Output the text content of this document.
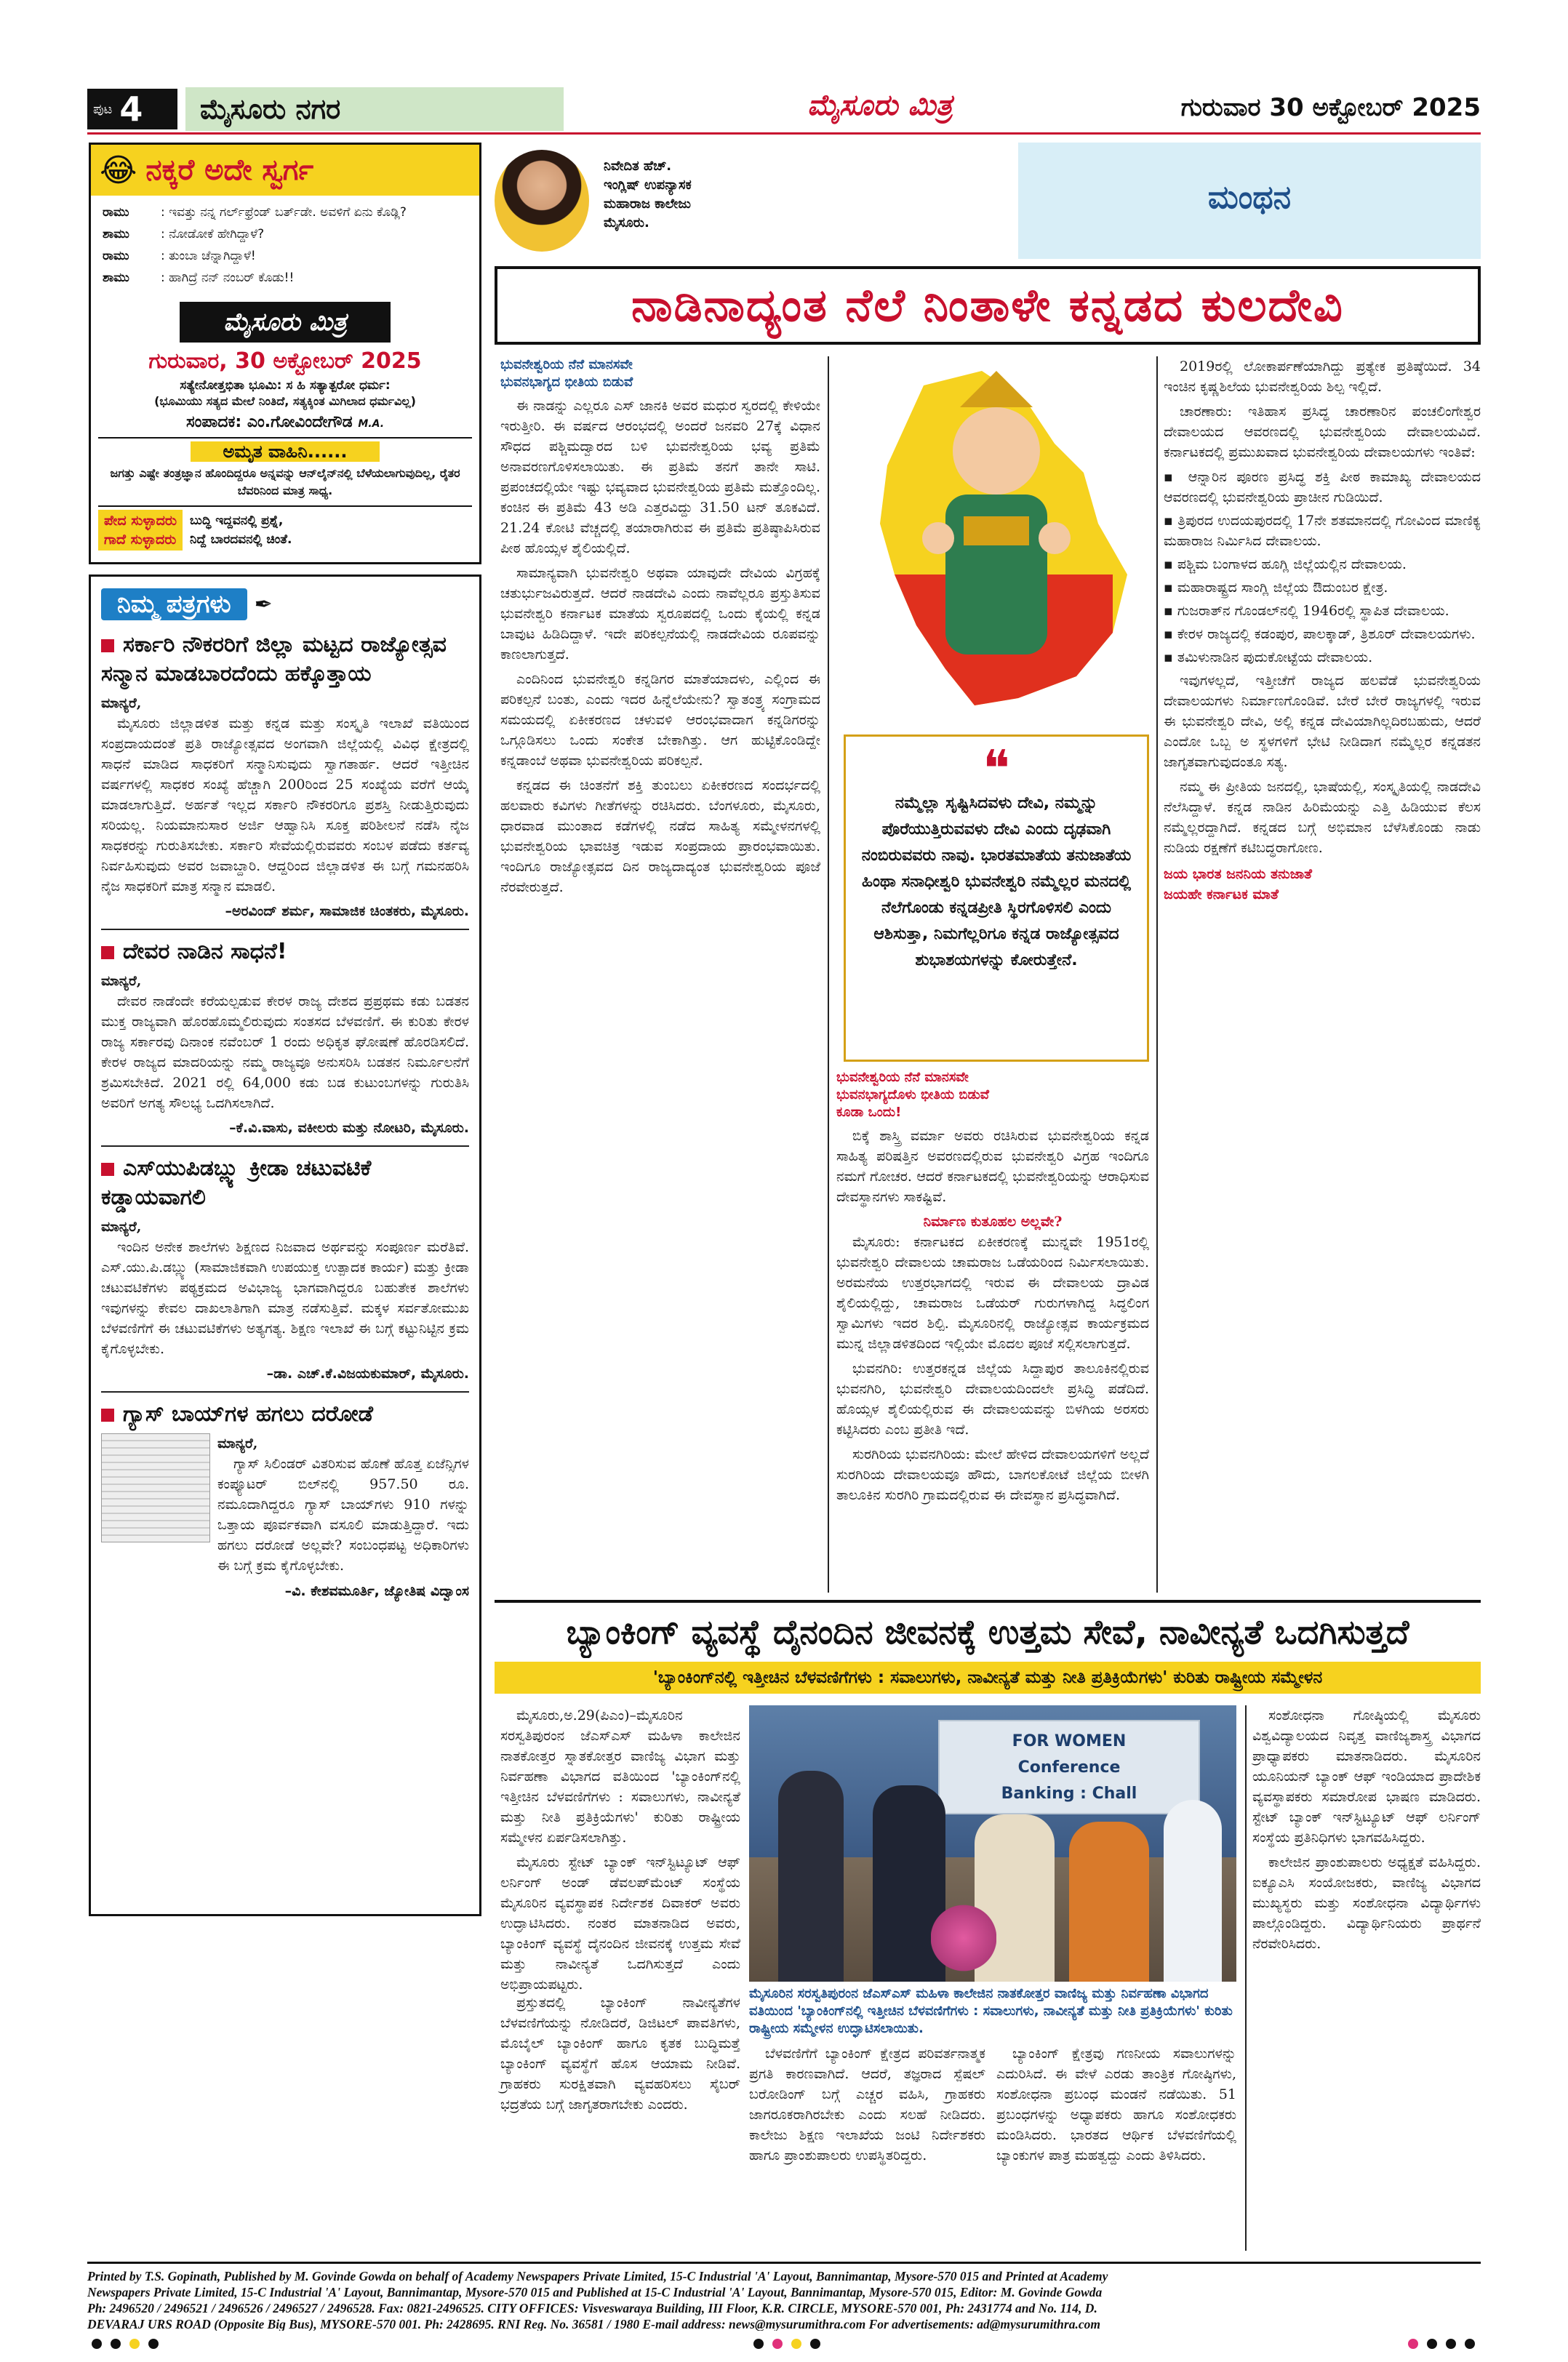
ಪುಟ 4	ಮೈಸೂರು ನಗರ	ಮೈಸೂರು ಮಿತ್ರ	ಗುರುವಾರ 30 ಅಕ್ಟೋಬರ್ 2025
😂 ನಕ್ಕರೆ ಅದೇ ಸ್ವರ್ಗ
ರಾಮು	: ಇವತ್ತು ನನ್ನ ಗರ್ಲ್‌ಫ್ರೆಂಡ್ ಬರ್ತ್‌ಡೇ. ಅವಳಿಗೆ ಏನು ಕೊಡ್ಲಿ?
ಶಾಮು	: ನೋಡೋಕೆ ಹೇಗಿದ್ದಾಳೆ?
ರಾಮು	: ತುಂಬಾ ಚೆನ್ನಾಗಿದ್ದಾಳೆ!
ಶಾಮು	: ಹಾಗಿದ್ರೆ ನನ್ ನಂಬರ್ ಕೊಡು!!
ಮೈಸೂರು ಮಿತ್ರ
ಗುರುವಾರ, 30 ಅಕ್ಟೋಬರ್ 2025
ಸತ್ಯೇನೋತ್ತಭಿತಾ ಭೂಮಿ: ಸ ಹಿ ಸತ್ಯಾತ್ಪರೋ ಧರ್ಮ:
(ಭೂಮಿಯು ಸತ್ಯದ ಮೇಲೆ ನಿಂತಿದೆ, ಸತ್ಯಕ್ಕಿಂತ ಮಿಗಿಲಾದ ಧರ್ಮವಿಲ್ಲ)
ಸಂಪಾದಕ: ಎಂ.ಗೋವಿಂದೇಗೌಡ M.A.
ಅಮೃತ ವಾಹಿನಿ......
ಜಗತ್ತು ಎಷ್ಟೇ ತಂತ್ರಜ್ಞಾನ ಹೊಂದಿದ್ದರೂ ಅನ್ನವನ್ನು ಆನ್‌ಲೈನ್‌ನಲ್ಲಿ ಬೆಳೆಯಲಾಗುವುದಿಲ್ಲ, ರೈತರ ಬೆವರಿನಿಂದ ಮಾತ್ರ ಸಾಧ್ಯ.
ಪೇದ ಸುಳ್ಳಾದರು
ಗಾದೆ ಸುಳ್ಳಾದರು
ಬುದ್ಧಿ ಇದ್ದವನಲ್ಲಿ ಪ್ರಶ್ನೆ,
ನಿದ್ದೆ ಬಾರದವನಲ್ಲಿ ಚಿಂತೆ.
ನಿಮ್ಮ ಪತ್ರಗಳು	✒
ಸರ್ಕಾರಿ ನೌಕರರಿಗೆ ಜಿಲ್ಲಾ ಮಟ್ಟದ ರಾಜ್ಯೋತ್ಸವ ಸನ್ಮಾನ ಮಾಡಬಾರದೆಂದು ಹಕ್ಕೊತ್ತಾಯ
ಮಾನ್ಯರೆ,

ಮೈಸೂರು ಜಿಲ್ಲಾಡಳಿತ ಮತ್ತು ಕನ್ನಡ ಮತ್ತು ಸಂಸ್ಕೃತಿ ಇಲಾಖೆ ವತಿಯಿಂದ ಸಂಪ್ರದಾಯದಂತೆ ಪ್ರತಿ ರಾಜ್ಯೋತ್ಸವದ ಅಂಗವಾಗಿ ಜಿಲ್ಲೆಯಲ್ಲಿ ವಿವಿಧ ಕ್ಷೇತ್ರದಲ್ಲಿ ಸಾಧನೆ ಮಾಡಿದ ಸಾಧಕರಿಗೆ ಸನ್ಮಾನಿಸುವುದು ಸ್ವಾಗತಾರ್ಹ. ಆದರೆ ಇತ್ತೀಚಿನ ವರ್ಷಗಳಲ್ಲಿ ಸಾಧಕರ ಸಂಖ್ಯೆ ಹೆಚ್ಚಾಗಿ 200ರಿಂದ 25 ಸಂಖ್ಯೆಯ ವರೆಗೆ ಆಯ್ಕೆ ಮಾಡಲಾಗುತ್ತಿದೆ. ಅರ್ಹತೆ ಇಲ್ಲದ ಸರ್ಕಾರಿ ನೌಕರರಿಗೂ ಪ್ರಶಸ್ತಿ ನೀಡುತ್ತಿರುವುದು ಸರಿಯಲ್ಲ. ನಿಯಮಾನುಸಾರ ಅರ್ಜಿ ಆಹ್ವಾನಿಸಿ ಸೂಕ್ತ ಪರಿಶೀಲನೆ ನಡೆಸಿ ನೈಜ ಸಾಧಕರನ್ನು ಗುರುತಿಸಬೇಕು. ಸರ್ಕಾರಿ ಸೇವೆಯಲ್ಲಿರುವವರು ಸಂಬಳ ಪಡೆದು ಕರ್ತವ್ಯ ನಿರ್ವಹಿಸುವುದು ಅವರ ಜವಾಬ್ದಾರಿ. ಆದ್ದರಿಂದ ಜಿಲ್ಲಾಡಳಿತ ಈ ಬಗ್ಗೆ ಗಮನಹರಿಸಿ ನೈಜ ಸಾಧಕರಿಗೆ ಮಾತ್ರ ಸನ್ಮಾನ ಮಾಡಲಿ.

–ಅರವಿಂದ್ ಶರ್ಮ, ಸಾಮಾಜಿಕ ಚಿಂತಕರು, ಮೈಸೂರು.
ದೇವರ ನಾಡಿನ ಸಾಧನೆ!
ಮಾನ್ಯರೆ,

ದೇವರ ನಾಡೆಂದೇ ಕರೆಯಲ್ಪಡುವ ಕೇರಳ ರಾಜ್ಯ ದೇಶದ ಪ್ರಪ್ರಥಮ ಕಡು ಬಡತನ ಮುಕ್ತ ರಾಜ್ಯವಾಗಿ ಹೊರಹೊಮ್ಮಲಿರುವುದು ಸಂತಸದ ಬೆಳವಣಿಗೆ. ಈ ಕುರಿತು ಕೇರಳ ರಾಜ್ಯ ಸರ್ಕಾರವು ದಿನಾಂಕ ನವೆಂಬರ್ 1 ರಂದು ಅಧಿಕೃತ ಘೋಷಣೆ ಹೊರಡಿಸಲಿದೆ. ಕೇರಳ ರಾಜ್ಯದ ಮಾದರಿಯನ್ನು ನಮ್ಮ ರಾಜ್ಯವೂ ಅನುಸರಿಸಿ ಬಡತನ ನಿರ್ಮೂಲನೆಗೆ ಶ್ರಮಿಸಬೇಕಿದೆ. 2021 ರಲ್ಲಿ 64,000 ಕಡು ಬಡ ಕುಟುಂಬಗಳನ್ನು ಗುರುತಿಸಿ ಅವರಿಗೆ ಅಗತ್ಯ ಸೌಲಭ್ಯ ಒದಗಿಸಲಾಗಿದೆ.

–ಕೆ.ವಿ.ವಾಸು, ವಕೀಲರು ಮತ್ತು ನೋಟರಿ, ಮೈಸೂರು.
ಎಸ್‌ಯುಪಿಡಬ್ಲ್ಯು ಕ್ರೀಡಾ ಚಟುವಟಿಕೆ ಕಡ್ಡಾಯವಾಗಲಿ
ಮಾನ್ಯರೆ,

ಇಂದಿನ ಅನೇಕ ಶಾಲೆಗಳು ಶಿಕ್ಷಣದ ನಿಜವಾದ ಅರ್ಥವನ್ನು ಸಂಪೂರ್ಣ ಮರೆತಿವೆ. ಎಸ್.ಯು.ಪಿ.ಡಬ್ಲ್ಯು (ಸಾಮಾಜಿಕವಾಗಿ ಉಪಯುಕ್ತ ಉತ್ಪಾದಕ ಕಾರ್ಯ) ಮತ್ತು ಕ್ರೀಡಾ ಚಟುವಟಿಕೆಗಳು ಪಠ್ಯಕ್ರಮದ ಅವಿಭಾಜ್ಯ ಭಾಗವಾಗಿದ್ದರೂ ಬಹುತೇಕ ಶಾಲೆಗಳು ಇವುಗಳನ್ನು ಕೇವಲ ದಾಖಲಾತಿಗಾಗಿ ಮಾತ್ರ ನಡೆಸುತ್ತಿವೆ. ಮಕ್ಕಳ ಸರ್ವತೋಮುಖ ಬೆಳವಣಿಗೆಗೆ ಈ ಚಟುವಟಿಕೆಗಳು ಅತ್ಯಗತ್ಯ. ಶಿಕ್ಷಣ ಇಲಾಖೆ ಈ ಬಗ್ಗೆ ಕಟ್ಟುನಿಟ್ಟಿನ ಕ್ರಮ ಕೈಗೊಳ್ಳಬೇಕು.

–ಡಾ. ಎಚ್.ಕೆ.ವಿಜಯಕುಮಾರ್, ಮೈಸೂರು.
ಗ್ಯಾಸ್ ಬಾಯ್‌ಗಳ ಹಗಲು ದರೋಡೆ
ಮಾನ್ಯರೆ,

ಗ್ಯಾಸ್ ಸಿಲಿಂಡರ್ ವಿತರಿಸುವ ಹೊಣೆ ಹೊತ್ತ ಏಜೆನ್ಸಿಗಳ ಕಂಪ್ಯೂಟರ್ ಬಿಲ್‌ನಲ್ಲಿ 957.50 ರೂ. ನಮೂದಾಗಿದ್ದರೂ ಗ್ಯಾಸ್ ಬಾಯ್‌ಗಳು 910 ಗಳನ್ನು ಒತ್ತಾಯ ಪೂರ್ವಕವಾಗಿ ವಸೂಲಿ ಮಾಡುತ್ತಿದ್ದಾರೆ. ಇದು ಹಗಲು ದರೋಡೆ ಅಲ್ಲವೇ? ಸಂಬಂಧಪಟ್ಟ ಅಧಿಕಾರಿಗಳು ಈ ಬಗ್ಗೆ ಕ್ರಮ ಕೈಗೊಳ್ಳಬೇಕು.

–ವಿ. ಕೇಶವಮೂರ್ತಿ, ಜ್ಯೋತಿಷ ವಿದ್ವಾಂಸ
ನಿವೇದಿತ ಹೆಚ್.
ಇಂಗ್ಲಿಷ್ ಉಪನ್ಯಾಸಕ
ಮಹಾರಾಜ ಕಾಲೇಜು
ಮೈಸೂರು.
ಮಂಥನ
ನಾಡಿನಾದ್ಯಂತ ನೆಲೆ ನಿಂತಾಳೇ ಕನ್ನಡದ ಕುಲದೇವಿ
ಭುವನೇಶ್ವರಿಯ ನೆನೆ ಮಾನಸವೇ
ಭುವನಭಾಗ್ಯದ ಭೀತಿಯ ಬಿಡುವೆ

ಈ ನಾಡನ್ನು ಎಲ್ಲರೂ ಎಸ್ ಜಾನಕಿ ಅವರ ಮಧುರ ಸ್ವರದಲ್ಲಿ ಕೇಳಿಯೇ ಇರುತ್ತೀರಿ. ಈ ವರ್ಷದ ಆರಂಭದಲ್ಲಿ ಅಂದರೆ ಜನವರಿ 27ಕ್ಕೆ ವಿಧಾನ ಸೌಧದ ಪಶ್ಚಿಮದ್ವಾರದ ಬಳಿ ಭುವನೇಶ್ವರಿಯ ಭವ್ಯ ಪ್ರತಿಮೆ ಅನಾವರಣಗೊಳಿಸಲಾಯಿತು. ಈ ಪ್ರತಿಮೆ ತನಗೆ ತಾನೇ ಸಾಟಿ. ಪ್ರಪಂಚದಲ್ಲಿಯೇ ಇಷ್ಟು ಭವ್ಯವಾದ ಭುವನೇಶ್ವರಿಯ ಪ್ರತಿಮೆ ಮತ್ತೊಂದಿಲ್ಲ. ಕಂಚಿನ ಈ ಪ್ರತಿಮೆ 43 ಅಡಿ ಎತ್ತರವಿದ್ದು 31.50 ಟನ್ ತೂಕವಿದೆ. 21.24 ಕೋಟಿ ವೆಚ್ಚದಲ್ಲಿ ತಯಾರಾಗಿರುವ ಈ ಪ್ರತಿಮೆ ಪ್ರತಿಷ್ಠಾಪಿಸಿರುವ ಪೀಠ ಹೊಯ್ಸಳ ಶೈಲಿಯಲ್ಲಿದೆ.

ಸಾಮಾನ್ಯವಾಗಿ ಭುವನೇಶ್ವರಿ ಅಥವಾ ಯಾವುದೇ ದೇವಿಯ ವಿಗ್ರಹಕ್ಕೆ ಚತುರ್ಭುಜವಿರುತ್ತದೆ. ಆದರೆ ನಾಡದೇವಿ ಎಂದು ನಾವೆಲ್ಲರೂ ಪ್ರಸ್ತುತಿಸುವ ಭುವನೇಶ್ವರಿ ಕರ್ನಾಟಕ ಮಾತೆಯ ಸ್ವರೂಪದಲ್ಲಿ ಒಂದು ಕೈಯಲ್ಲಿ ಕನ್ನಡ ಬಾವುಟ ಹಿಡಿದಿದ್ದಾಳೆ. ಇದೇ ಪರಿಕಲ್ಪನೆಯಲ್ಲಿ ನಾಡದೇವಿಯ ರೂಪವನ್ನು ಕಾಣಲಾಗುತ್ತದೆ.

ಎಂದಿನಿಂದ ಭುವನೇಶ್ವರಿ ಕನ್ನಡಿಗರ ಮಾತೆಯಾದಳು, ಎಲ್ಲಿಂದ ಈ ಪರಿಕಲ್ಪನೆ ಬಂತು, ಎಂದು ಇದರ ಹಿನ್ನೆಲೆಯೇನು? ಸ್ವಾತಂತ್ರ್ಯ ಸಂಗ್ರಾಮದ ಸಮಯದಲ್ಲಿ ಏಕೀಕರಣದ ಚಳುವಳಿ ಆರಂಭವಾದಾಗ ಕನ್ನಡಿಗರನ್ನು ಒಗ್ಗೂಡಿಸಲು ಒಂದು ಸಂಕೇತ ಬೇಕಾಗಿತ್ತು. ಆಗ ಹುಟ್ಟಿಕೊಂಡಿದ್ದೇ ಕನ್ನಡಾಂಬೆ ಅಥವಾ ಭುವನೇಶ್ವರಿಯ ಪರಿಕಲ್ಪನೆ.

ಕನ್ನಡದ ಈ ಚಿಂತನೆಗೆ ಶಕ್ತಿ ತುಂಬಲು ಏಕೀಕರಣದ ಸಂದರ್ಭದಲ್ಲಿ ಹಲವಾರು ಕವಿಗಳು ಗೀತೆಗಳನ್ನು ರಚಿಸಿದರು. ಬೆಂಗಳೂರು, ಮೈಸೂರು, ಧಾರವಾಡ ಮುಂತಾದ ಕಡೆಗಳಲ್ಲಿ ನಡೆದ ಸಾಹಿತ್ಯ ಸಮ್ಮೇಳನಗಳಲ್ಲಿ ಭುವನೇಶ್ವರಿಯ ಭಾವಚಿತ್ರ ಇಡುವ ಸಂಪ್ರದಾಯ ಪ್ರಾರಂಭವಾಯಿತು. ಇಂದಿಗೂ ರಾಜ್ಯೋತ್ಸವದ ದಿನ ರಾಜ್ಯದಾದ್ಯಂತ ಭುವನೇಶ್ವರಿಯ ಪೂಜೆ ನೆರವೇರುತ್ತದೆ.

❝
ನಮ್ಮೆಲ್ಲಾ ಸೃಷ್ಟಿಸಿದವಳು ದೇವಿ, ನಮ್ಮನ್ನು ಪೊರೆಯುತ್ತಿರುವವಳು ದೇವಿ ಎಂದು ದೃಢವಾಗಿ ನಂಬಿರುವವರು ನಾವು. ಭಾರತಮಾತೆಯ ತನುಜಾತೆಯ ಹಿಂಥಾ ಸನಾಧೀಶ್ವರಿ ಭುವನೇಶ್ವರಿ ನಮ್ಮೆಲ್ಲರ ಮನದಲ್ಲಿ ನೆಲೆಗೊಂಡು ಕನ್ನಡಪ್ರೀತಿ ಸ್ಥಿರಗೊಳಿಸಲಿ ಎಂದು ಆಶಿಸುತ್ತಾ, ನಿಮಗೆಲ್ಲರಿಗೂ ಕನ್ನಡ ರಾಜ್ಯೋತ್ಸವದ ಶುಭಾಶಯಗಳನ್ನು ಕೋರುತ್ತೇನೆ.
ಭುವನೇಶ್ವರಿಯ ನೆನೆ ಮಾನಸವೇ
ಭುವನಭಾಗ್ಯದೊಳು ಭೀತಿಯ ಬಿಡುವೆ
ಕೂಡಾ ಒಂದು!

ಬಿಕ್ಕೆ ಶಾಸ್ತ್ರಿ ವರ್ಮಾ ಅವರು ರಚಿಸಿರುವ ಭುವನೇಶ್ವರಿಯ ಕನ್ನಡ ಸಾಹಿತ್ಯ ಪರಿಷತ್ತಿನ ಅವರಣದಲ್ಲಿರುವ ಭುವನೇಶ್ವರಿ ವಿಗ್ರಹ ಇಂದಿಗೂ ನಮಗೆ ಗೋಚರ. ಆದರೆ ಕರ್ನಾಟಕದಲ್ಲಿ ಭುವನೇಶ್ವರಿಯನ್ನು ಆರಾಧಿಸುವ ದೇವಸ್ಥಾನಗಳು ಸಾಕಷ್ಟಿವೆ.

ನಿರ್ಮಾಣ ಕುತೂಹಲ ಅಲ್ಲವೇ?

ಮೈಸೂರು: ಕರ್ನಾಟಕದ ಏಕೀಕರಣಕ್ಕೆ ಮುನ್ನವೇ 1951ರಲ್ಲಿ ಭುವನೇಶ್ವರಿ ದೇವಾಲಯ ಚಾಮರಾಜ ಒಡೆಯರಿಂದ ನಿರ್ಮಿಸಲಾಯಿತು. ಅರಮನೆಯ ಉತ್ತರಭಾಗದಲ್ಲಿ ಇರುವ ಈ ದೇವಾಲಯ ದ್ರಾವಿಡ ಶೈಲಿಯಲ್ಲಿದ್ದು, ಚಾಮರಾಜ ಒಡೆಯರ್ ಗುರುಗಳಾಗಿದ್ದ ಸಿದ್ಧಲಿಂಗ ಸ್ವಾಮಿಗಳು ಇದರ ಶಿಲ್ಪಿ. ಮೈಸೂರಿನಲ್ಲಿ ರಾಜ್ಯೋತ್ಸವ ಕಾರ್ಯಕ್ರಮದ ಮುನ್ನ ಜಿಲ್ಲಾಡಳಿತದಿಂದ ಇಲ್ಲಿಯೇ ಮೊದಲ ಪೂಜೆ ಸಲ್ಲಿಸಲಾಗುತ್ತದೆ.

ಭುವನಗಿರಿ: ಉತ್ತರಕನ್ನಡ ಜಿಲ್ಲೆಯ ಸಿದ್ದಾಪುರ ತಾಲೂಕಿನಲ್ಲಿರುವ ಭುವನಗಿರಿ, ಭುವನೇಶ್ವರಿ ದೇವಾಲಯದಿಂದಲೇ ಪ್ರಸಿದ್ಧಿ ಪಡೆದಿದೆ. ಹೊಯ್ಸಳ ಶೈಲಿಯಲ್ಲಿರುವ ಈ ದೇವಾಲಯವನ್ನು ಬಿಳಗಿಯ ಅರಸರು ಕಟ್ಟಿಸಿದರು ಎಂಬ ಪ್ರತೀತಿ ಇದೆ.

ಸುರಗಿರಿಯ ಭುವನಗಿರಿಯ: ಮೇಲೆ ಹೇಳಿದ ದೇವಾಲಯಗಳಿಗೆ ಅಲ್ಲದೆ ಸುರಗಿರಿಯ ದೇವಾಲಯವೂ ಹೌದು, ಬಾಗಲಕೋಟೆ ಜಿಲ್ಲೆಯ ಬೀಳಗಿ ತಾಲೂಕಿನ ಸುರಗಿರಿ ಗ್ರಾಮದಲ್ಲಿರುವ ಈ ದೇವಸ್ಥಾನ ಪ್ರಸಿದ್ಧವಾಗಿದೆ.

2019ರಲ್ಲಿ ಲೋಕಾರ್ಪಣೆಯಾಗಿದ್ದು ಪ್ರತ್ಯೇಕ ಪ್ರತಿಷ್ಠೆಯಿದೆ. 34 ಇಂಚಿನ ಕೃಷ್ಣಶಿಲೆಯ ಭುವನೇಶ್ವರಿಯ ಶಿಲ್ಪ ಇಲ್ಲಿದೆ.

ಚಾರಣಾರು: ಇತಿಹಾಸ ಪ್ರಸಿದ್ಧ ಚಾರಣಾರಿನ ಪಂಚಲಿಂಗೇಶ್ವರ ದೇವಾಲಯದ ಆವರಣದಲ್ಲಿ ಭುವನೇಶ್ವರಿಯ ದೇವಾಲಯವಿದೆ. ಕರ್ನಾಟಕದಲ್ಲಿ ಪ್ರಮುಖವಾದ ಭುವನೇಶ್ವರಿಯ ದೇವಾಲಯಗಳು ಇಂತಿವೆ:

▪ ಆನ್ನಾರಿನ ಪೂರಣ ಪ್ರಸಿದ್ಧ ಶಕ್ತಿ ಪೀಠ ಕಾಮಾಖ್ಯ ದೇವಾಲಯದ ಆವರಣದಲ್ಲಿ ಭುವನೇಶ್ವರಿಯ ಪ್ರಾಚೀನ ಗುಡಿಯಿದೆ.
▪ ತ್ರಿಪುರದ ಉದಯಪುರದಲ್ಲಿ 17ನೇ ಶತಮಾನದಲ್ಲಿ ಗೋವಿಂದ ಮಾಣಿಕ್ಯ ಮಹಾರಾಜ ನಿರ್ಮಿಸಿದ ದೇವಾಲಯ.
▪ ಪಶ್ಚಿಮ ಬಂಗಾಳದ ಹೂಗ್ಲಿ ಜಿಲ್ಲೆಯಲ್ಲಿನ ದೇವಾಲಯ.
▪ ಮಹಾರಾಷ್ಟ್ರದ ಸಾಂಗ್ಲಿ ಜಿಲ್ಲೆಯ ಔದುಂಬರ ಕ್ಷೇತ್ರ.
▪ ಗುಜರಾತ್‌ನ ಗೊಂಡಲ್‌ನಲ್ಲಿ 1946ರಲ್ಲಿ ಸ್ಥಾಪಿತ ದೇವಾಲಯ.
▪ ಕೇರಳ ರಾಜ್ಯದಲ್ಲಿ ಕಡಂಪುರ, ಪಾಲಕ್ಕಾಡ್, ತ್ರಿಶೂರ್ ದೇವಾಲಯಗಳು.
▪ ತಮಿಳುನಾಡಿನ ಪುದುಕೋಟ್ಟೆಯ ದೇವಾಲಯ.

ಇವುಗಳಲ್ಲದೆ, ಇತ್ತೀಚೆಗೆ ರಾಜ್ಯದ ಹಲವೆಡೆ ಭುವನೇಶ್ವರಿಯ ದೇವಾಲಯಗಳು ನಿರ್ಮಾಣಗೊಂಡಿವೆ. ಬೇರೆ ಬೇರೆ ರಾಜ್ಯಗಳಲ್ಲಿ ಇರುವ ಈ ಭುವನೇಶ್ವರಿ ದೇವಿ, ಅಲ್ಲಿ ಕನ್ನಡ ದೇವಿಯಾಗಿಲ್ಲದಿರಬಹುದು, ಆದರೆ ಎಂದೋ ಒಬ್ಬ ಅ ಸ್ಥಳಗಳಿಗೆ ಭೇಟಿ ನೀಡಿದಾಗ ನಮ್ಮೆಲ್ಲರ ಕನ್ನಡತನ ಜಾಗೃತವಾಗುವುದಂತೂ ಸತ್ಯ.

ನಮ್ಮ ಈ ಪ್ರೀತಿಯ ಜನದಲ್ಲಿ, ಭಾಷೆಯಲ್ಲಿ, ಸಂಸ್ಕೃತಿಯಲ್ಲಿ ನಾಡದೇವಿ ನೆಲೆಸಿದ್ದಾಳೆ. ಕನ್ನಡ ನಾಡಿನ ಹಿರಿಮೆಯನ್ನು ಎತ್ತಿ ಹಿಡಿಯುವ ಕೆಲಸ ನಮ್ಮೆಲ್ಲರದ್ದಾಗಿದೆ. ಕನ್ನಡದ ಬಗ್ಗೆ ಅಭಿಮಾನ ಬೆಳೆಸಿಕೊಂಡು ನಾಡು ನುಡಿಯ ರಕ್ಷಣೆಗೆ ಕಟಿಬದ್ಧರಾಗೋಣ.

ಜಯ ಭಾರತ ಜನನಿಯ ತನುಜಾತೆ
ಜಯಹೇ ಕರ್ನಾಟಕ ಮಾತೆ
ಬ್ಯಾಂಕಿಂಗ್ ವ್ಯವಸ್ಥೆ ದೈನಂದಿನ ಜೀವನಕ್ಕೆ ಉತ್ತಮ ಸೇವೆ, ನಾವೀನ್ಯತೆ ಒದಗಿಸುತ್ತದೆ
'ಬ್ಯಾಂಕಿಂಗ್‌ನಲ್ಲಿ ಇತ್ತೀಚಿನ ಬೆಳವಣಿಗೆಗಳು : ಸವಾಲುಗಳು, ನಾವೀನ್ಯತೆ ಮತ್ತು ನೀತಿ ಪ್ರತಿಕ್ರಿಯೆಗಳು' ಕುರಿತು ರಾಷ್ಟ್ರೀಯ ಸಮ್ಮೇಳನ

ಮೈಸೂರು,ಅ.29(ಪಿಎಂ)–ಮೈಸೂರಿನ ಸರಸ್ವತಿಪುರಂನ ಜೆಎಸ್‌ಎಸ್ ಮಹಿಳಾ ಕಾಲೇಜಿನ ನಾತಕೋತ್ತರ ಸ್ನಾತಕೋತ್ತರ ವಾಣಿಜ್ಯ ವಿಭಾಗ ಮತ್ತು ನಿರ್ವಹಣಾ ವಿಭಾಗದ ವತಿಯಿಂದ 'ಬ್ಯಾಂಕಿಂಗ್‌ನಲ್ಲಿ ಇತ್ತೀಚಿನ ಬೆಳವಣಿಗೆಗಳು : ಸವಾಲುಗಳು, ನಾವೀನ್ಯತೆ ಮತ್ತು ನೀತಿ ಪ್ರತಿಕ್ರಿಯೆಗಳು' ಕುರಿತು ರಾಷ್ಟ್ರೀಯ ಸಮ್ಮೇಳನ ಏರ್ಪಡಿಸಲಾಗಿತ್ತು.

ಮೈಸೂರು ಸ್ಟೇಟ್ ಬ್ಯಾಂಕ್ ಇನ್‌ಸ್ಟಿಟ್ಯೂಟ್ ಆಫ್ ಲರ್ನಿಂಗ್ ಅಂಡ್ ಡೆವಲಪ್‌ಮೆಂಟ್ ಸಂಸ್ಥೆಯ ಮೈಸೂರಿನ ವ್ಯವಸ್ಥಾಪಕ ನಿರ್ದೇಶಕ ದಿವಾಕರ್ ಅವರು ಉದ್ಘಾಟಿಸಿದರು. ನಂತರ ಮಾತನಾಡಿದ ಅವರು, ಬ್ಯಾಂಕಿಂಗ್ ವ್ಯವಸ್ಥೆ ದೈನಂದಿನ ಜೀವನಕ್ಕೆ ಉತ್ತಮ ಸೇವೆ ಮತ್ತು ನಾವೀನ್ಯತೆ ಒದಗಿಸುತ್ತದೆ ಎಂದು ಅಭಿಪ್ರಾಯಪಟ್ಟರು.

FOR WOMEN
Conference
Banking : Chall
ಮೈಸೂರಿನ ಸರಸ್ವತಿಪುರಂನ ಜೆಎಸ್‌ಎಸ್ ಮಹಿಳಾ ಕಾಲೇಜಿನ ನಾತಕೋತ್ತರ ವಾಣಿಜ್ಯ ಮತ್ತು ನಿರ್ವಹಣಾ ವಿಭಾಗದ ವತಿಯಿಂದ 'ಬ್ಯಾಂಕಿಂಗ್‌ನಲ್ಲಿ ಇತ್ತೀಚಿನ ಬೆಳವಣಿಗೆಗಳು : ಸವಾಲುಗಳು, ನಾವೀನ್ಯತೆ ಮತ್ತು ನೀತಿ ಪ್ರತಿಕ್ರಿಯೆಗಳು' ಕುರಿತು ರಾಷ್ಟ್ರೀಯ ಸಮ್ಮೇಳನ ಉದ್ಘಾಟಿಸಲಾಯಿತು.

ಪ್ರಸ್ತುತದಲ್ಲಿ ಬ್ಯಾಂಕಿಂಗ್ ನಾವೀನ್ಯತೆಗಳ ಬೆಳವಣಿಗೆಯನ್ನು ನೋಡಿದರೆ, ಡಿಜಿಟಲ್ ಪಾವತಿಗಳು, ಮೊಬೈಲ್ ಬ್ಯಾಂಕಿಂಗ್ ಹಾಗೂ ಕೃತಕ ಬುದ್ಧಿಮತ್ತೆ ಬ್ಯಾಂಕಿಂಗ್ ವ್ಯವಸ್ಥೆಗೆ ಹೊಸ ಆಯಾಮ ನೀಡಿವೆ. ಗ್ರಾಹಕರು ಸುರಕ್ಷಿತವಾಗಿ ವ್ಯವಹರಿಸಲು ಸೈಬರ್ ಭದ್ರತೆಯ ಬಗ್ಗೆ ಜಾಗೃತರಾಗಬೇಕು ಎಂದರು.

ಬೆಳವಣಿಗೆಗೆ ಬ್ಯಾಂಕಿಂಗ್ ಕ್ಷೇತ್ರದ ಪರಿವರ್ತನಾತ್ಮಕ ಪ್ರಗತಿ ಕಾರಣವಾಗಿದೆ. ಆದರೆ, ತಜ್ಞರಾದ ಸ್ಪೆಷಲ್ ಬರೋಡಿಂಗ್ ಬಗ್ಗೆ ಎಚ್ಚರ ವಹಿಸಿ, ಗ್ರಾಹಕರು ಜಾಗರೂಕರಾಗಿರಬೇಕು ಎಂದು ಸಲಹೆ ನೀಡಿದರು. ಕಾಲೇಜು ಶಿಕ್ಷಣ ಇಲಾಖೆಯ ಜಂಟಿ ನಿರ್ದೇಶಕರು ಹಾಗೂ ಪ್ರಾಂಶುಪಾಲರು ಉಪಸ್ಥಿತರಿದ್ದರು.

ಬ್ಯಾಂಕಿಂಗ್ ಕ್ಷೇತ್ರವು ಗಣನೀಯ ಸವಾಲುಗಳನ್ನು ಎದುರಿಸಿದೆ. ಈ ವೇಳೆ ಎರಡು ತಾಂತ್ರಿಕ ಗೋಷ್ಠಿಗಳು, ಸಂಶೋಧನಾ ಪ್ರಬಂಧ ಮಂಡನೆ ನಡೆಯಿತು. 51 ಪ್ರಬಂಧಗಳನ್ನು ಅಧ್ಯಾಪಕರು ಹಾಗೂ ಸಂಶೋಧಕರು ಮಂಡಿಸಿದರು. ಭಾರತದ ಆರ್ಥಿಕ ಬೆಳವಣಿಗೆಯಲ್ಲಿ ಬ್ಯಾಂಕುಗಳ ಪಾತ್ರ ಮಹತ್ವದ್ದು ಎಂದು ತಿಳಿಸಿದರು.

ಸಂಶೋಧನಾ ಗೋಷ್ಠಿಯಲ್ಲಿ ಮೈಸೂರು ವಿಶ್ವವಿದ್ಯಾಲಯದ ನಿವೃತ್ತ ವಾಣಿಜ್ಯಶಾಸ್ತ್ರ ವಿಭಾಗದ ಪ್ರಾಧ್ಯಾಪಕರು ಮಾತನಾಡಿದರು. ಮೈಸೂರಿನ ಯೂನಿಯನ್ ಬ್ಯಾಂಕ್ ಆಫ್ ಇಂಡಿಯಾದ ಪ್ರಾದೇಶಿಕ ವ್ಯವಸ್ಥಾಪಕರು ಸಮಾರೋಪ ಭಾಷಣ ಮಾಡಿದರು. ಸ್ಟೇಟ್ ಬ್ಯಾಂಕ್ ಇನ್‌ಸ್ಟಿಟ್ಯೂಟ್ ಆಫ್ ಲರ್ನಿಂಗ್ ಸಂಸ್ಥೆಯ ಪ್ರತಿನಿಧಿಗಳು ಭಾಗವಹಿಸಿದ್ದರು.

ಕಾಲೇಜಿನ ಪ್ರಾಂಶುಪಾಲರು ಅಧ್ಯಕ್ಷತೆ ವಹಿಸಿದ್ದರು. ಐಕ್ಯೂಎಸಿ ಸಂಯೋಜಕರು, ವಾಣಿಜ್ಯ ವಿಭಾಗದ ಮುಖ್ಯಸ್ಥರು ಮತ್ತು ಸಂಶೋಧನಾ ವಿದ್ಯಾರ್ಥಿಗಳು ಪಾಲ್ಗೊಂಡಿದ್ದರು. ವಿದ್ಯಾರ್ಥಿನಿಯರು ಪ್ರಾರ್ಥನೆ ನೆರವೇರಿಸಿದರು.

Printed by T.S. Gopinath, Published by M. Govinde Gowda on behalf of Academy Newspapers Private Limited, 15-C Industrial 'A' Layout, Bannimantap, Mysore-570 015 and Printed at Academy
Newspapers Private Limited, 15-C Industrial 'A' Layout, Bannimantap, Mysore-570 015 and Published at 15-C Industrial 'A' Layout, Bannimantap, Mysore-570 015, Editor: M. Govinde Gowda
Ph: 2496520 / 2496521 / 2496526 / 2496527 / 2496528. Fax: 0821-2496525. CITY OFFICES: Visveswaraya Building, III Floor, K.R. CIRCLE, MYSORE-570 001, Ph: 2431774 and No. 114, D.
DEVARAJ URS ROAD (Opposite Big Bus), MYSORE-570 001. Ph: 2428695. RNI Reg. No. 36581 / 1980 E-mail address: news@mysurumithra.com For advertisements: ad@mysurumithra.com
